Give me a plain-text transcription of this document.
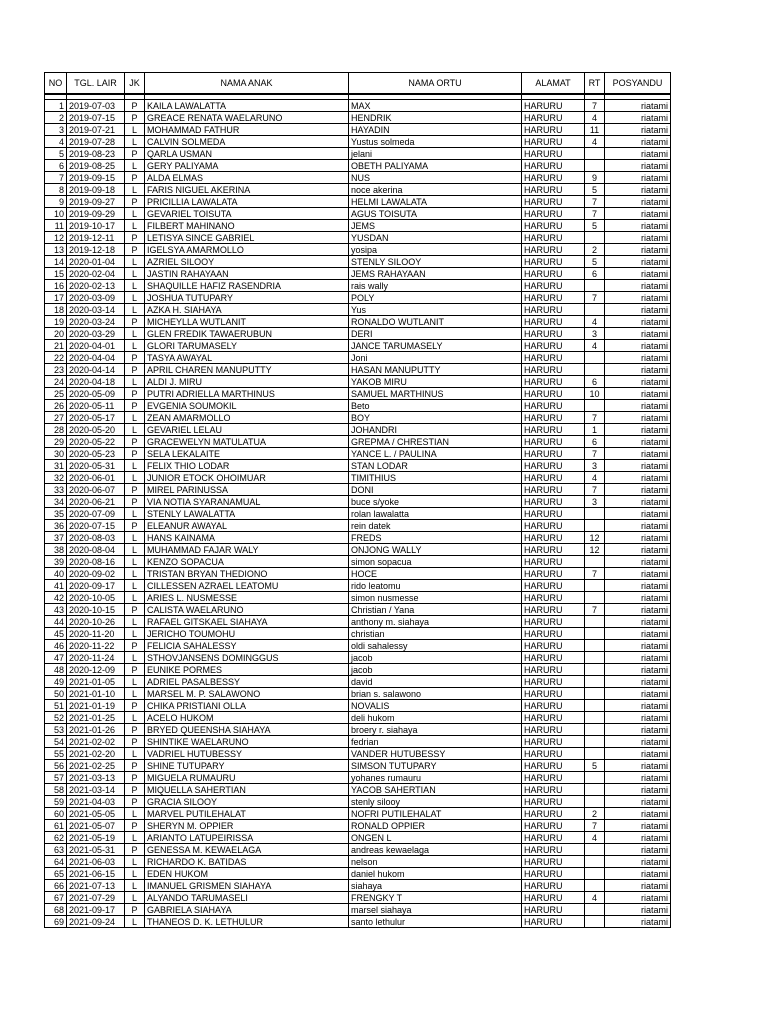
NO	TGL. LAIR	JK	NAMA ANAK	NAMA ORTU	ALAMAT	RT	POSYANDU

1	2019-07-03	P	KAILA LAWALATTA	MAX	HARURU	7	riatami
2	2019-07-15	P	GREACE RENATA WAELARUNO	HENDRIK	HARURU	4	riatami
3	2019-07-21	L	MOHAMMAD FATHUR	HAYADIN	HARURU	11	riatami
4	2019-07-28	L	CALVIN SOLMEDA	Yustus solmeda	HARURU	4	riatami
5	2019-08-23	P	QARLA USMAN	jelani	HARURU		riatami
6	2019-08-25	L	GERY PALIYAMA	OBETH PALIYAMA	HARURU		riatami
7	2019-09-15	P	ALDA ELMAS	NUS	HARURU	9	riatami
8	2019-09-18	L	FARIS NIGUEL AKERINA	noce akerina	HARURU	5	riatami
9	2019-09-27	P	PRICILLIA LAWALATA	HELMI LAWALATA	HARURU	7	riatami
10	2019-09-29	L	GEVARIEL TOISUTA	AGUS TOISUTA	HARURU	7	riatami
11	2019-10-17	L	FILBERT MAHINANO	JEMS	HARURU	5	riatami
12	2019-12-11	P	LETISYA SINCE GABRIEL	YUSDAN	HARURU		riatami
13	2019-12-18	P	IGELSYA AMARMOLLO	yosipa	HARURU	2	riatami
14	2020-01-04	L	AZRIEL SILOOY	STENLY SILOOY	HARURU	5	riatami
15	2020-02-04	L	JASTIN RAHAYAAN	JEMS RAHAYAAN	HARURU	6	riatami
16	2020-02-13	L	SHAQUILLE HAFIZ RASENDRIA	rais wally	HARURU		riatami
17	2020-03-09	L	JOSHUA TUTUPARY	POLY	HARURU	7	riatami
18	2020-03-14	L	AZKA H. SIAHAYA	Yus	HARURU		riatami
19	2020-03-24	P	MICHEYLLA WUTLANIT	RONALDO WUTLANIT	HARURU	4	riatami
20	2020-03-29	L	GLEN FREDIK TAWAERUBUN	DERI	HARURU	3	riatami
21	2020-04-01	L	GLORI TARUMASELY	JANCE TARUMASELY	HARURU	4	riatami
22	2020-04-04	P	TASYA AWAYAL	Joni	HARURU		riatami
23	2020-04-14	P	APRIL CHAREN MANUPUTTY	HASAN MANUPUTTY	HARURU		riatami
24	2020-04-18	L	ALDI J. MIRU	YAKOB MIRU	HARURU	6	riatami
25	2020-05-09	P	PUTRI ADRIELLA MARTHINUS	SAMUEL MARTHINUS	HARURU	10	riatami
26	2020-05-11	P	EVGENIA SOUMOKIL	Beto	HARURU		riatami
27	2020-05-17	L	ZEAN AMARMOLLO	BOY	HARURU	7	riatami
28	2020-05-20	L	GEVARIEL LELAU	JOHANDRI	HARURU	1	riatami
29	2020-05-22	P	GRACEWELYN MATULATUA	GREPMA / CHRESTIAN	HARURU	6	riatami
30	2020-05-23	P	SELA LEKALAITE	YANCE L. / PAULINA	HARURU	7	riatami
31	2020-05-31	L	FELIX THIO LODAR	STAN LODAR	HARURU	3	riatami
32	2020-06-01	L	JUNIOR ETOCK OHOIMUAR	TIMITHIUS	HARURU	4	riatami
33	2020-06-07	P	MIREL PARINUSSA	DONI	HARURU	7	riatami
34	2020-06-21	P	VIA NOTIA SYARANAMUAL	buce s/yoke	HARURU	3	riatami
35	2020-07-09	L	STENLY LAWALATTA	rolan lawalatta	HARURU		riatami
36	2020-07-15	P	ELEANUR AWAYAL	rein datek	HARURU		riatami
37	2020-08-03	L	HANS KAINAMA	FREDS	HARURU	12	riatami
38	2020-08-04	L	MUHAMMAD FAJAR WALY	ONJONG WALLY	HARURU	12	riatami
39	2020-08-16	L	KENZO SOPACUA	simon sopacua	HARURU		riatami
40	2020-09-02	L	TRISTAN BRYAN THEDIONO	HOCE	HARURU	7	riatami
41	2020-09-17	L	CILLESSEN AZRAEL LEATOMU	rido leatomu	HARURU		riatami
42	2020-10-05	L	ARIES L. NUSMESSE	simon nusmesse	HARURU		riatami
43	2020-10-15	P	CALISTA WAELARUNO	Christian / Yana	HARURU	7	riatami
44	2020-10-26	L	RAFAEL GITSKAEL SIAHAYA	anthony m. siahaya	HARURU		riatami
45	2020-11-20	L	JERICHO TOUMOHU	christian	HARURU		riatami
46	2020-11-22	P	FELICIA SAHALESSY	oldi sahalessy	HARURU		riatami
47	2020-11-24	L	STHOVJANSENS DOMINGGUS	jacob	HARURU		riatami
48	2020-12-09	P	EUNIKE PORMES	jacob	HARURU		riatami
49	2021-01-05	L	ADRIEL PASALBESSY	david	HARURU		riatami
50	2021-01-10	L	MARSEL M. P. SALAWONO	brian s. salawono	HARURU		riatami
51	2021-01-19	P	CHIKA PRISTIANI OLLA	NOVALIS	HARURU		riatami
52	2021-01-25	L	ACELO HUKOM	deli hukom	HARURU		riatami
53	2021-01-26	P	BRYED QUEENSHA SIAHAYA	broery r. siahaya	HARURU		riatami
54	2021-02-02	P	SHINTIKE WAELARUNO	fedrian	HARURU		riatami
55	2021-02-20	L	VADRIEL HUTUBESSY	VANDER HUTUBESSY	HARURU		riatami
56	2021-02-25	P	SHINE TUTUPARY	SIMSON TUTUPARY	HARURU	5	riatami
57	2021-03-13	P	MIGUELA RUMAURU	yohanes rumauru	HARURU		riatami
58	2021-03-14	P	MIQUELLA SAHERTIAN	YACOB SAHERTIAN	HARURU		riatami
59	2021-04-03	P	GRACIA SILOOY	stenly silooy	HARURU		riatami
60	2021-05-05	L	MARVEL PUTILEHALAT	NOFRI PUTILEHALAT	HARURU	2	riatami
61	2021-05-07	P	SHERYN M. OPPIER	RONALD OPPIER	HARURU	7	riatami
62	2021-05-19	L	ARIANTO LATUPEIRISSA	ONGEN L	HARURU	4	riatami
63	2021-05-31	P	GENESSA M. KEWAELAGA	andreas kewaelaga	HARURU		riatami
64	2021-06-03	L	RICHARDO K. BATIDAS	nelson	HARURU		riatami
65	2021-06-15	L	EDEN HUKOM	daniel hukom	HARURU		riatami
66	2021-07-13	L	IMANUEL GRISMEN SIAHAYA	siahaya	HARURU		riatami
67	2021-07-29	L	ALYANDO TARUMASELI	FRENGKY T	HARURU	4	riatami
68	2021-09-17	P	GABRIELA SIAHAYA	marsel siahaya	HARURU		riatami
69	2021-09-24	L	THANEOS D. K. LETHULUR	santo lethulur	HARURU		riatami
